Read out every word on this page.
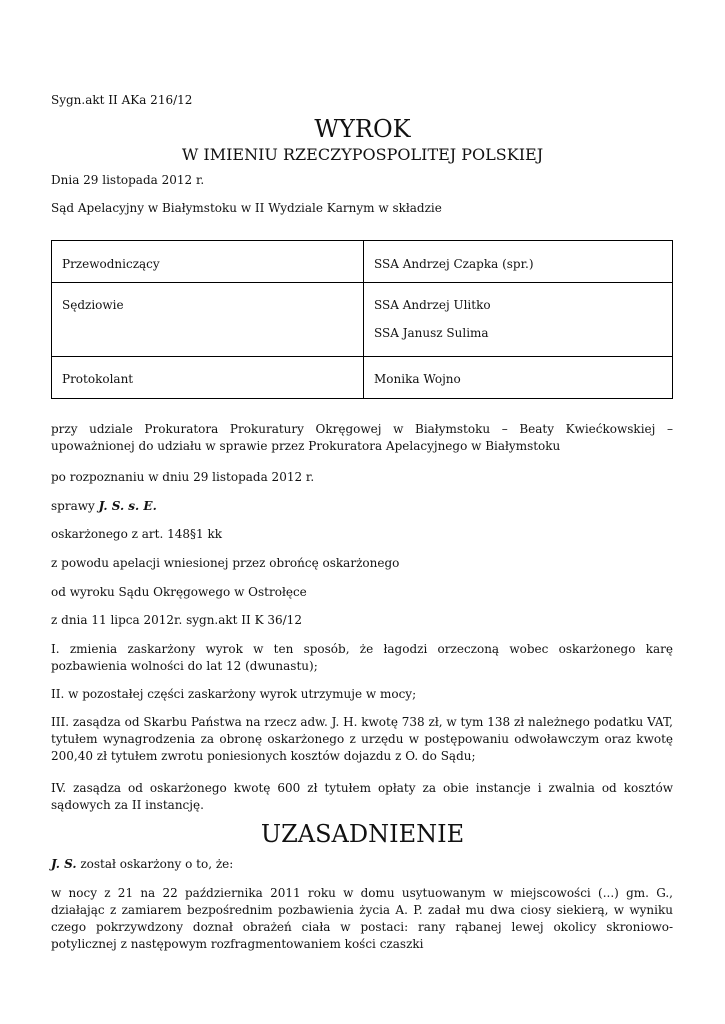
Sygn.akt II AKa 216/12

WYROK
W IMIENIU RZECZYPOSPOLITEJ POLSKIEJ

Dnia 29 listopada 2012 r.

Sąd Apelacyjny w Białymstoku w II Wydziale Karnym w składzie

Przewodniczący	SSA Andrzej Czapka (spr.)

Sędziowie	SSA Andrzej Ulitko
SSA Janusz Sulima

Protokolant	Monika Wojno

przy udziale Prokuratora Prokuratury Okręgowej w Białymstoku – Beaty Kwiećkowskiej – upoważnionej do udziału w sprawie przez Prokuratora Apelacyjnego w Białymstoku

po rozpoznaniu w dniu 29 listopada 2012 r.

sprawy J. S. s. E.

oskarżonego z art. 148§1 kk

z powodu apelacji wniesionej przez obrońcę oskarżonego

od wyroku Sądu Okręgowego w Ostrołęce

z dnia 11 lipca 2012r. sygn.akt II K 36/12

I. zmienia zaskarżony wyrok w ten sposób, że łagodzi orzeczoną wobec oskarżonego karę pozbawienia wolności do lat 12 (dwunastu);

II. w pozostałej części zaskarżony wyrok utrzymuje w mocy;

III. zasądza od Skarbu Państwa na rzecz adw. J. H. kwotę 738 zł, w tym 138 zł należnego podatku VAT, tytułem wynagrodzenia za obronę oskarżonego z urzędu w postępowaniu odwoławczym oraz kwotę 200,40 zł tytułem zwrotu poniesionych kosztów dojazdu z O. do Sądu;

IV. zasądza od oskarżonego kwotę 600 zł tytułem opłaty za obie instancje i zwalnia od kosztów sądowych za II instancję.

UZASADNIENIE

J. S. został oskarżony o to, że:

w nocy z 21 na 22 października 2011 roku w domu usytuowanym w miejscowości (...) gm. G., działając z zamiarem bezpośrednim pozbawienia życia A. P. zadał mu dwa ciosy siekierą, w wyniku czego pokrzywdzony doznał obrażeń ciała w postaci: rany rąbanej lewej okolicy skroniowo- potylicznej z następowym rozfragmentowaniem kości czaszki
